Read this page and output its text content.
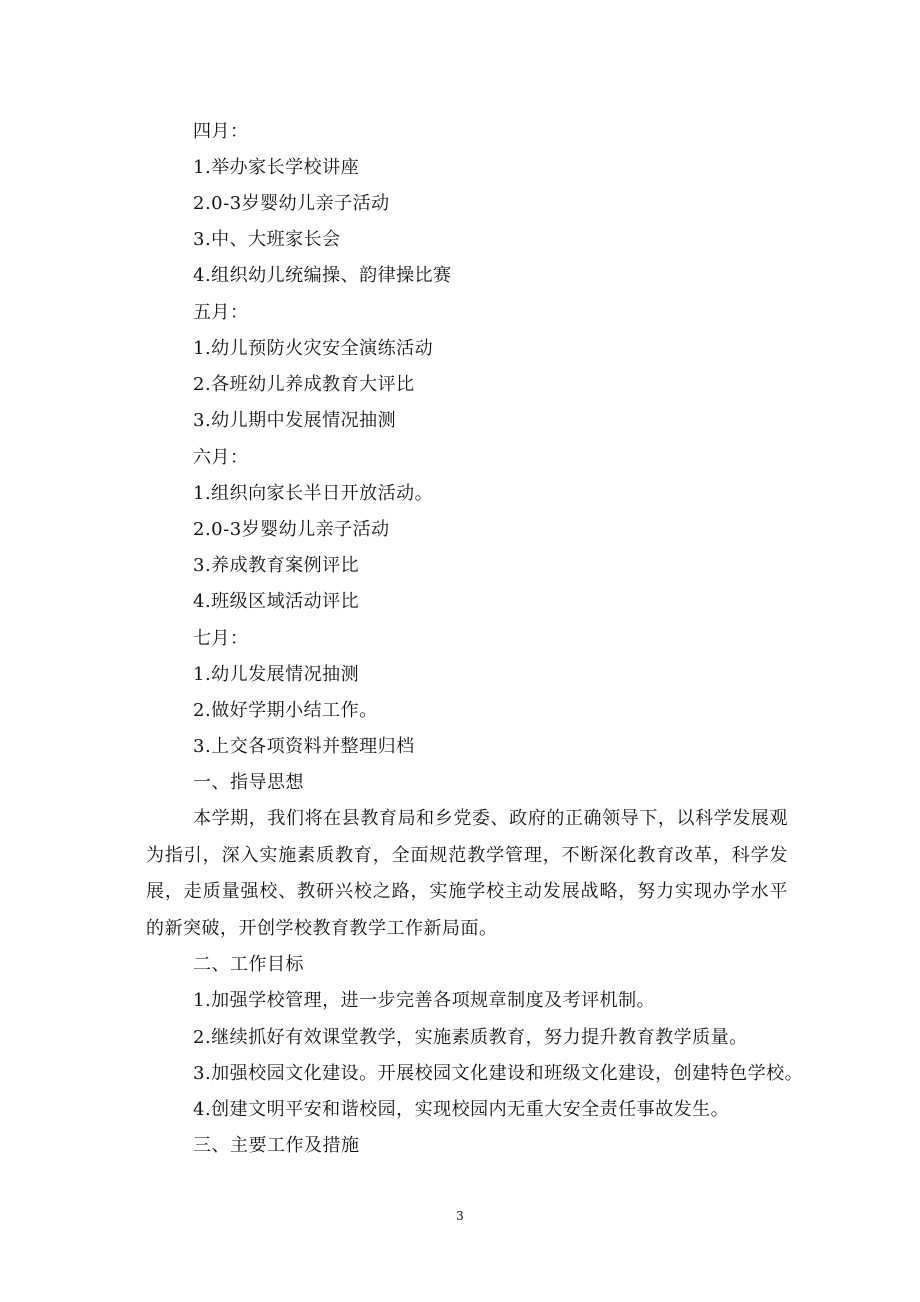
四月：
1.举办家长学校讲座
2.0-3岁婴幼儿亲子活动
3.中、大班家长会
4.组织幼儿统编操、韵律操比赛
五月：
1.幼儿预防火灾安全演练活动
2.各班幼儿养成教育大评比
3.幼儿期中发展情况抽测
六月：
1.组织向家长半日开放活动。
2.0-3岁婴幼儿亲子活动
3.养成教育案例评比
4.班级区域活动评比
七月：
1.幼儿发展情况抽测
2.做好学期小结工作。
3.上交各项资料并整理归档
一、指导思想
本学期，我们将在县教育局和乡党委、政府的正确领导下，以科学发展观为指引，深入实施素质教育，全面规范教学管理，不断深化教育改革，科学发展，走质量强校、教研兴校之路，实施学校主动发展战略，努力实现办学水平的新突破，开创学校教育教学工作新局面。
二、工作目标
1.加强学校管理，进一步完善各项规章制度及考评机制。
2.继续抓好有效课堂教学，实施素质教育，努力提升教育教学质量。
3.加强校园文化建设。开展校园文化建设和班级文化建设，创建特色学校。
4.创建文明平安和谐校园，实现校园内无重大安全责任事故发生。
三、主要工作及措施
3
